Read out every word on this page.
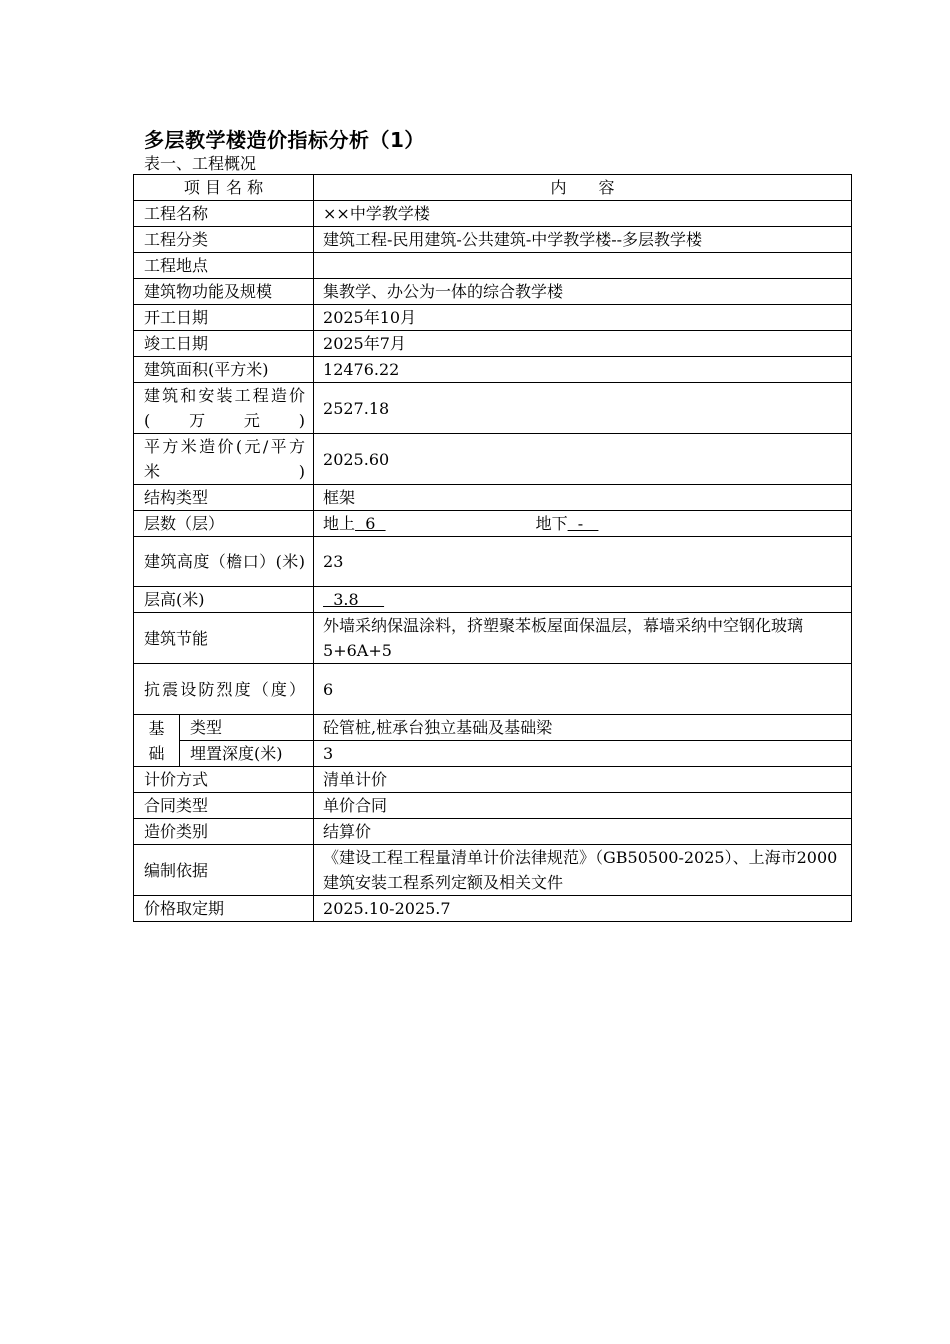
多层教学楼造价指标分析（1）
表一、工程概况
项 目 名 称		内　　容
工程名称		××中学教学楼
工程分类		建筑工程-民用建筑-公共建筑-中学教学楼--多层教学楼
工程地点		
建筑物功能及规模		集教学、办公为一体的综合教学楼
开工日期		2025年10月
竣工日期		2025年7月
建筑面积(平方米)		12476.22
建筑和安装工程造价(万元)		2527.18
平方米造价(元/平方米)		2025.60
结构类型		框架
层数（层）		地上  6 地下  -
建筑高度（檐口）(米)		23
层高(米)		3.8
建筑节能		外墙采纳保温涂料，挤塑聚苯板屋面保温层，幕墙采纳中空钢化玻璃5+6A+5
抗震设防烈度（度）		6
基
础	类型	砼管桩,桩承台独立基础及基础梁
	埋置深度(米)	3
计价方式		清单计价
合同类型		单价合同
造价类别		结算价
编制依据		《建设工程工程量清单计价法律规范》（GB50500-2025）、上海市2000建筑安装工程系列定额及相关文件
价格取定期		2025.10-2025.7
